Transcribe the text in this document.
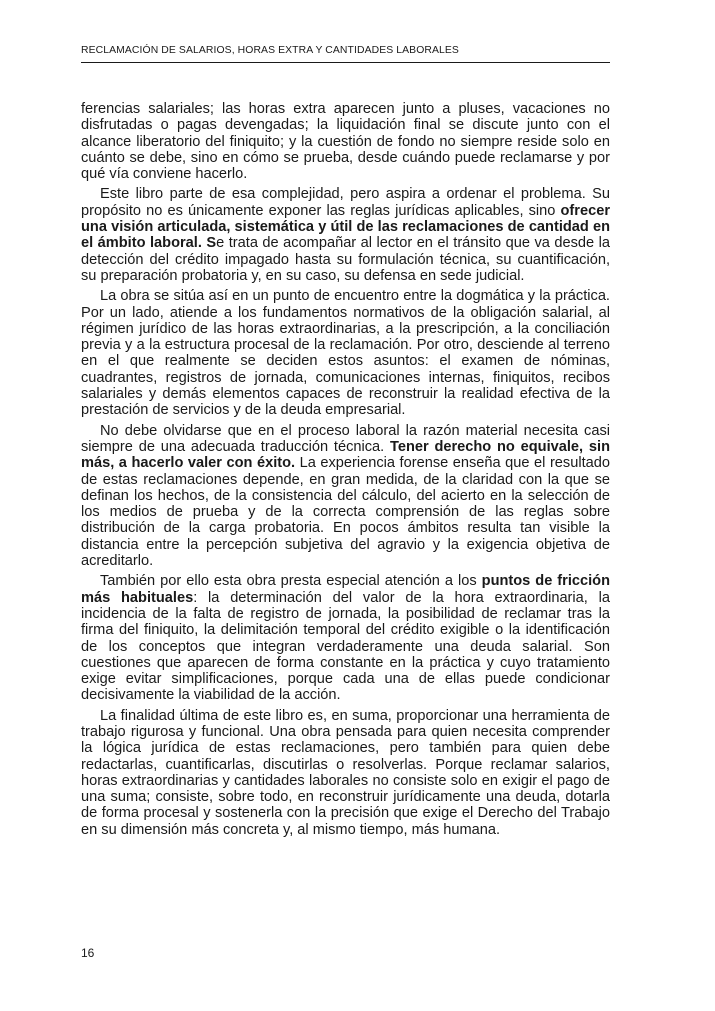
RECLAMACIÓN DE SALARIOS, HORAS EXTRA Y CANTIDADES LABORALES

ferencias salariales; las horas extra aparecen junto a pluses, vacaciones no disfrutadas o pagas devengadas; la liquidación final se discute junto con el alcance liberatorio del finiquito; y la cuestión de fondo no siempre reside solo en cuánto se debe, sino en cómo se prueba, desde cuándo puede reclamarse y por qué vía conviene hacerlo.

Este libro parte de esa complejidad, pero aspira a ordenar el problema. Su propósito no es únicamente exponer las reglas jurídicas aplicables, sino ofrecer una visión articulada, sistemática y útil de las reclamaciones de cantidad en el ámbito laboral. Se trata de acompañar al lector en el tránsito que va desde la detección del crédito impagado hasta su formulación técnica, su cuantificación, su preparación probatoria y, en su caso, su defensa en sede judicial.

La obra se sitúa así en un punto de encuentro entre la dogmática y la práctica. Por un lado, atiende a los fundamentos normativos de la obligación salarial, al régimen jurídico de las horas extraordinarias, a la prescripción, a la conciliación previa y a la estructura procesal de la reclamación. Por otro, desciende al terreno en el que realmente se deciden estos asuntos: el examen de nóminas, cuadrantes, registros de jornada, comunicaciones internas, finiquitos, recibos salariales y demás elementos capaces de reconstruir la realidad efectiva de la prestación de servicios y de la deuda empresarial.

No debe olvidarse que en el proceso laboral la razón material necesita casi siempre de una adecuada traducción técnica. Tener derecho no equivale, sin más, a hacerlo valer con éxito. La experiencia forense enseña que el resultado de estas reclamaciones depende, en gran medida, de la claridad con la que se definan los hechos, de la consistencia del cálculo, del acierto en la selección de los medios de prueba y de la correcta comprensión de las reglas sobre distribución de la carga probatoria. En pocos ámbitos resulta tan visible la distancia entre la percepción subjetiva del agravio y la exigencia objetiva de acreditarlo.

También por ello esta obra presta especial atención a los puntos de fricción más habituales: la determinación del valor de la hora extraordinaria, la incidencia de la falta de registro de jornada, la posibilidad de reclamar tras la firma del finiquito, la delimitación temporal del crédito exigible o la identificación de los conceptos que integran verdaderamente una deuda salarial. Son cuestiones que aparecen de forma constante en la práctica y cuyo tratamiento exige evitar simplificaciones, porque cada una de ellas puede condicionar decisivamente la viabilidad de la acción.

La finalidad última de este libro es, en suma, proporcionar una herramienta de trabajo rigurosa y funcional. Una obra pensada para quien necesita comprender la lógica jurídica de estas reclamaciones, pero también para quien debe redactarlas, cuantificarlas, discutirlas o resolverlas. Porque reclamar salarios, horas extraordinarias y cantidades laborales no consiste solo en exigir el pago de una suma; consiste, sobre todo, en reconstruir jurídicamente una deuda, dotarla de forma procesal y sostenerla con la precisión que exige el Derecho del Trabajo en su dimensión más concreta y, al mismo tiempo, más humana.

16
